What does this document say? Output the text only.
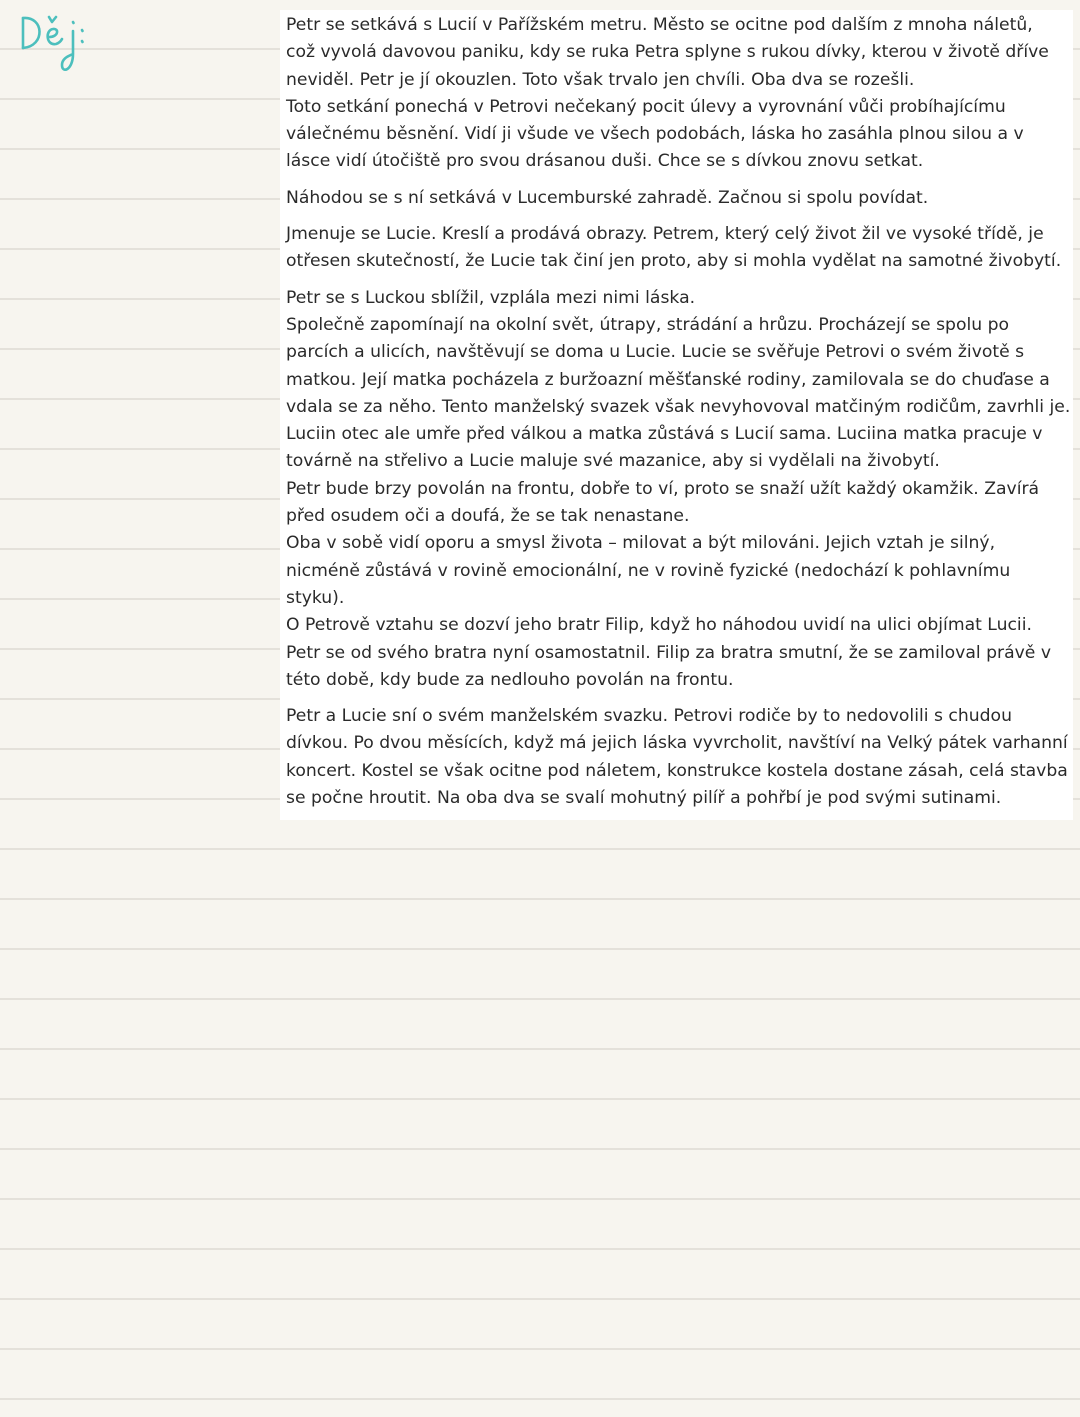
Petr se setkává s Lucií v Pařížském metru. Město se ocitne pod dalším z mnoha náletů,
což vyvolá davovou paniku, kdy se ruka Petra splyne s rukou dívky, kterou v životě dříve
neviděl. Petr je jí okouzlen. Toto však trvalo jen chvíli. Oba dva se rozešli.
Toto setkání ponechá v Petrovi nečekaný pocit úlevy a vyrovnání vůči probíhajícímu
válečnému běsnění. Vidí ji všude ve všech podobách, láska ho zasáhla plnou silou a v
lásce vidí útočiště pro svou drásanou duši. Chce se s dívkou znovu setkat.
Náhodou se s ní setkává v Lucemburské zahradě. Začnou si spolu povídat.
Jmenuje se Lucie. Kreslí a prodává obrazy. Petrem, který celý život žil ve vysoké třídě, je
otřesen skutečností, že Lucie tak činí jen proto, aby si mohla vydělat na samotné živobytí.
Petr se s Luckou sblížil, vzplála mezi nimi láska.
Společně zapomínají na okolní svět, útrapy, strádání a hrůzu. Procházejí se spolu po
parcích a ulicích, navštěvují se doma u Lucie. Lucie se svěřuje Petrovi o svém životě s
matkou. Její matka pocházela z buržoazní měšťanské rodiny, zamilovala se do chuďase a
vdala se za něho. Tento manželský svazek však nevyhovoval matčiným rodičům, zavrhli je.
Luciin otec ale umře před válkou a matka zůstává s Lucií sama. Luciina matka pracuje v
továrně na střelivo a Lucie maluje své mazanice, aby si vydělali na živobytí.
Petr bude brzy povolán na frontu, dobře to ví, proto se snaží užít každý okamžik. Zavírá
před osudem oči a doufá, že se tak nenastane.
Oba v sobě vidí oporu a smysl života – milovat a být milováni. Jejich vztah je silný,
nicméně zůstává v rovině emocionální, ne v rovině fyzické (nedochází k pohlavnímu
styku).
O Petrově vztahu se dozví jeho bratr Filip, když ho náhodou uvidí na ulici objímat Lucii.
Petr se od svého bratra nyní osamostatnil. Filip za bratra smutní, že se zamiloval právě v
této době, kdy bude za nedlouho povolán na frontu.
Petr a Lucie sní o svém manželském svazku. Petrovi rodiče by to nedovolili s chudou
dívkou. Po dvou měsících, když má jejich láska vyvrcholit, navštíví na Velký pátek varhanní
koncert. Kostel se však ocitne pod náletem, konstrukce kostela dostane zásah, celá stavba
se počne hroutit. Na oba dva se svalí mohutný pilíř a pohřbí je pod svými sutinami.
